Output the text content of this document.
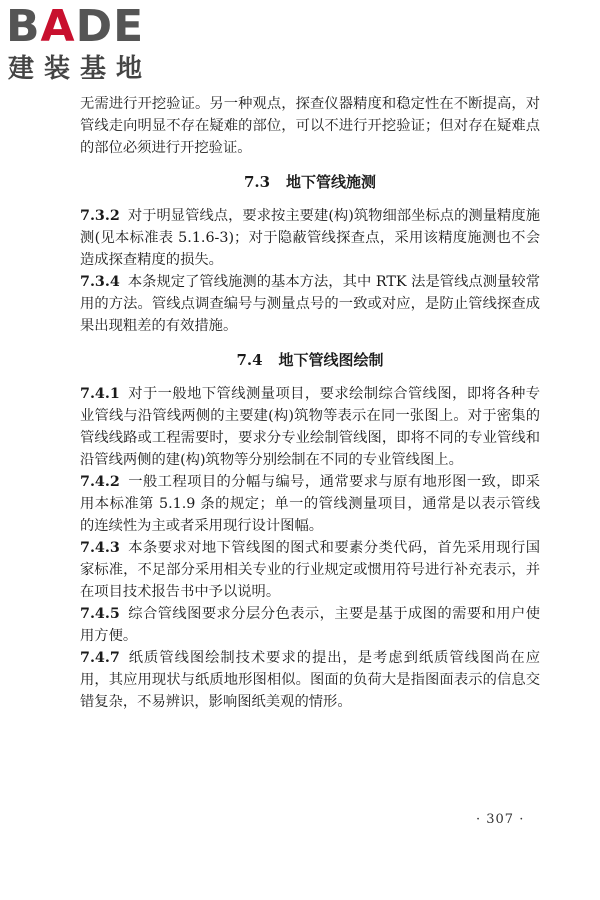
BADE
建装基地

无需进行开挖验证。另一种观点，探查仪器精度和稳定性在不断提高，对管线走向明显不存在疑难的部位，可以不进行开挖验证；但对存在疑难点的部位必须进行开挖验证。

7.3 地下管线施测

7.3.2 对于明显管线点，要求按主要建(构)筑物细部坐标点的测量精度施测(见本标准表 5.1.6-3)；对于隐蔽管线探查点，采用该精度施测也不会造成探查精度的损失。

7.3.4 本条规定了管线施测的基本方法，其中 RTK 法是管线点测量较常用的方法。管线点调查编号与测量点号的一致或对应，是防止管线探查成果出现粗差的有效措施。

7.4 地下管线图绘制

7.4.1 对于一般地下管线测量项目，要求绘制综合管线图，即将各种专业管线与沿管线两侧的主要建(构)筑物等表示在同一张图上。对于密集的管线线路或工程需要时，要求分专业绘制管线图，即将不同的专业管线和沿管线两侧的建(构)筑物等分别绘制在不同的专业管线图上。

7.4.2 一般工程项目的分幅与编号，通常要求与原有地形图一致，即采用本标准第 5.1.9 条的规定；单一的管线测量项目，通常是以表示管线的连续性为主或者采用现行设计图幅。

7.4.3 本条要求对地下管线图的图式和要素分类代码，首先采用现行国家标准，不足部分采用相关专业的行业规定或惯用符号进行补充表示，并在项目技术报告书中予以说明。

7.4.5 综合管线图要求分层分色表示，主要是基于成图的需要和用户使用方便。

7.4.7 纸质管线图绘制技术要求的提出，是考虑到纸质管线图尚在应用，其应用现状与纸质地形图相似。图面的负荷大是指图面表示的信息交错复杂，不易辨识，影响图纸美观的情形。

· 307 ·
